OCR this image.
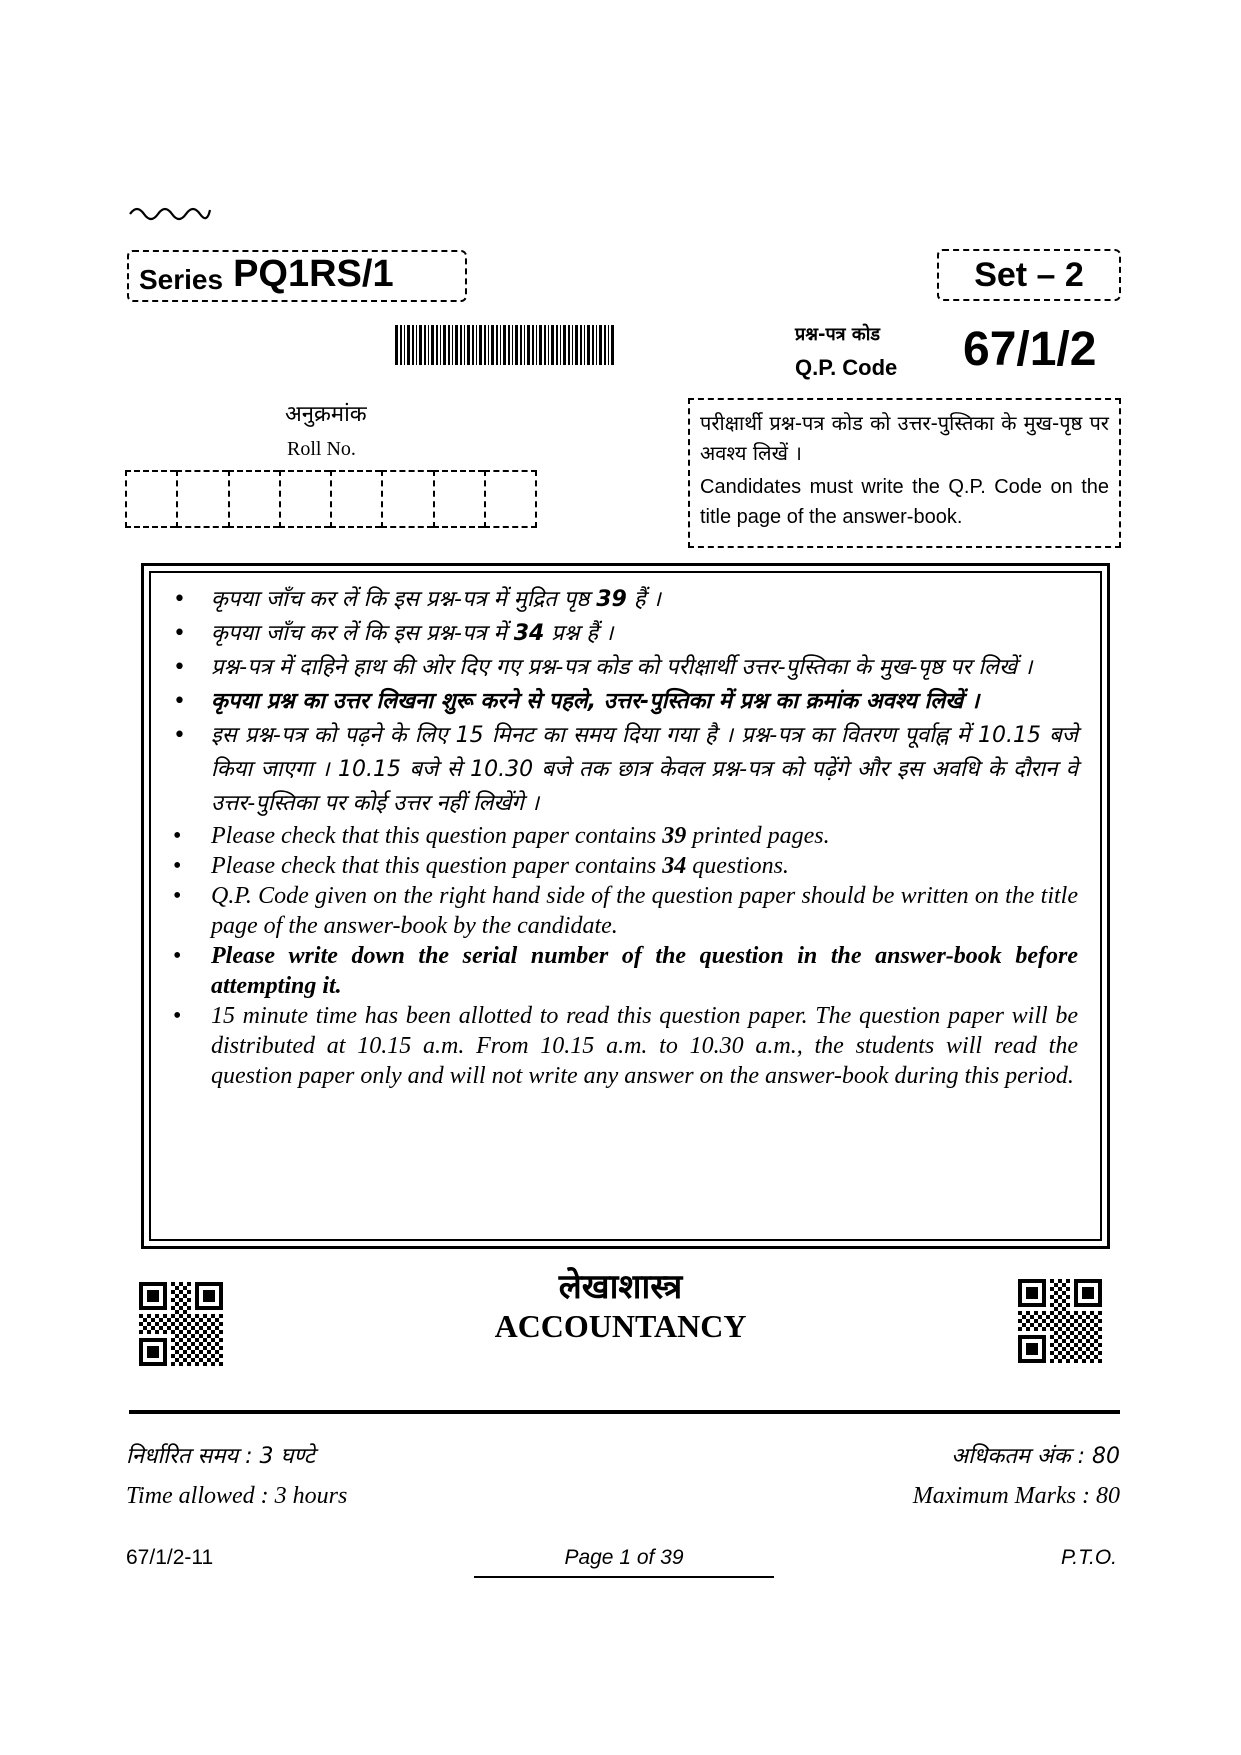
Series PQ1RS/1	Set – 2
प्रश्न-पत्र कोड
Q.P. Code 67/1/2
अनुक्रमांक
Roll No.
परीक्षार्थी प्रश्न-पत्र कोड को उत्तर-पुस्तिका के मुख-पृष्ठ पर अवश्य लिखें ।
Candidates must write the Q.P. Code on the title page of the answer-book.
• कृपया जाँच कर लें कि इस प्रश्न-पत्र में मुद्रित पृष्ठ 39 हैं ।
• कृपया जाँच कर लें कि इस प्रश्न-पत्र में 34 प्रश्न हैं ।
• प्रश्न-पत्र में दाहिने हाथ की ओर दिए गए प्रश्न-पत्र कोड को परीक्षार्थी उत्तर-पुस्तिका के मुख-पृष्ठ पर लिखें ।
• कृपया प्रश्न का उत्तर लिखना शुरू करने से पहले, उत्तर-पुस्तिका में प्रश्न का क्रमांक अवश्य लिखें ।
• इस प्रश्न-पत्र को पढ़ने के लिए 15 मिनट का समय दिया गया है । प्रश्न-पत्र का वितरण पूर्वाह्न में 10.15 बजे किया जाएगा । 10.15 बजे से 10.30 बजे तक छात्र केवल प्रश्न-पत्र को पढ़ेंगे और इस अवधि के दौरान वे उत्तर-पुस्तिका पर कोई उत्तर नहीं लिखेंगे ।
• Please check that this question paper contains 39 printed pages.
• Please check that this question paper contains 34 questions.
• Q.P. Code given on the right hand side of the question paper should be written on the title page of the answer-book by the candidate.
• Please write down the serial number of the question in the answer-book before attempting it.
• 15 minute time has been allotted to read this question paper. The question paper will be distributed at 10.15 a.m. From 10.15 a.m. to 10.30 a.m., the students will read the question paper only and will not write any answer on the answer-book during this period.
लेखाशास्त्र
ACCOUNTANCY
निर्धारित समय : 3 घण्टे	अधिकतम अंक : 80
Time allowed : 3 hours	Maximum Marks : 80
67/1/2-11	Page 1 of 39	P.T.O.
